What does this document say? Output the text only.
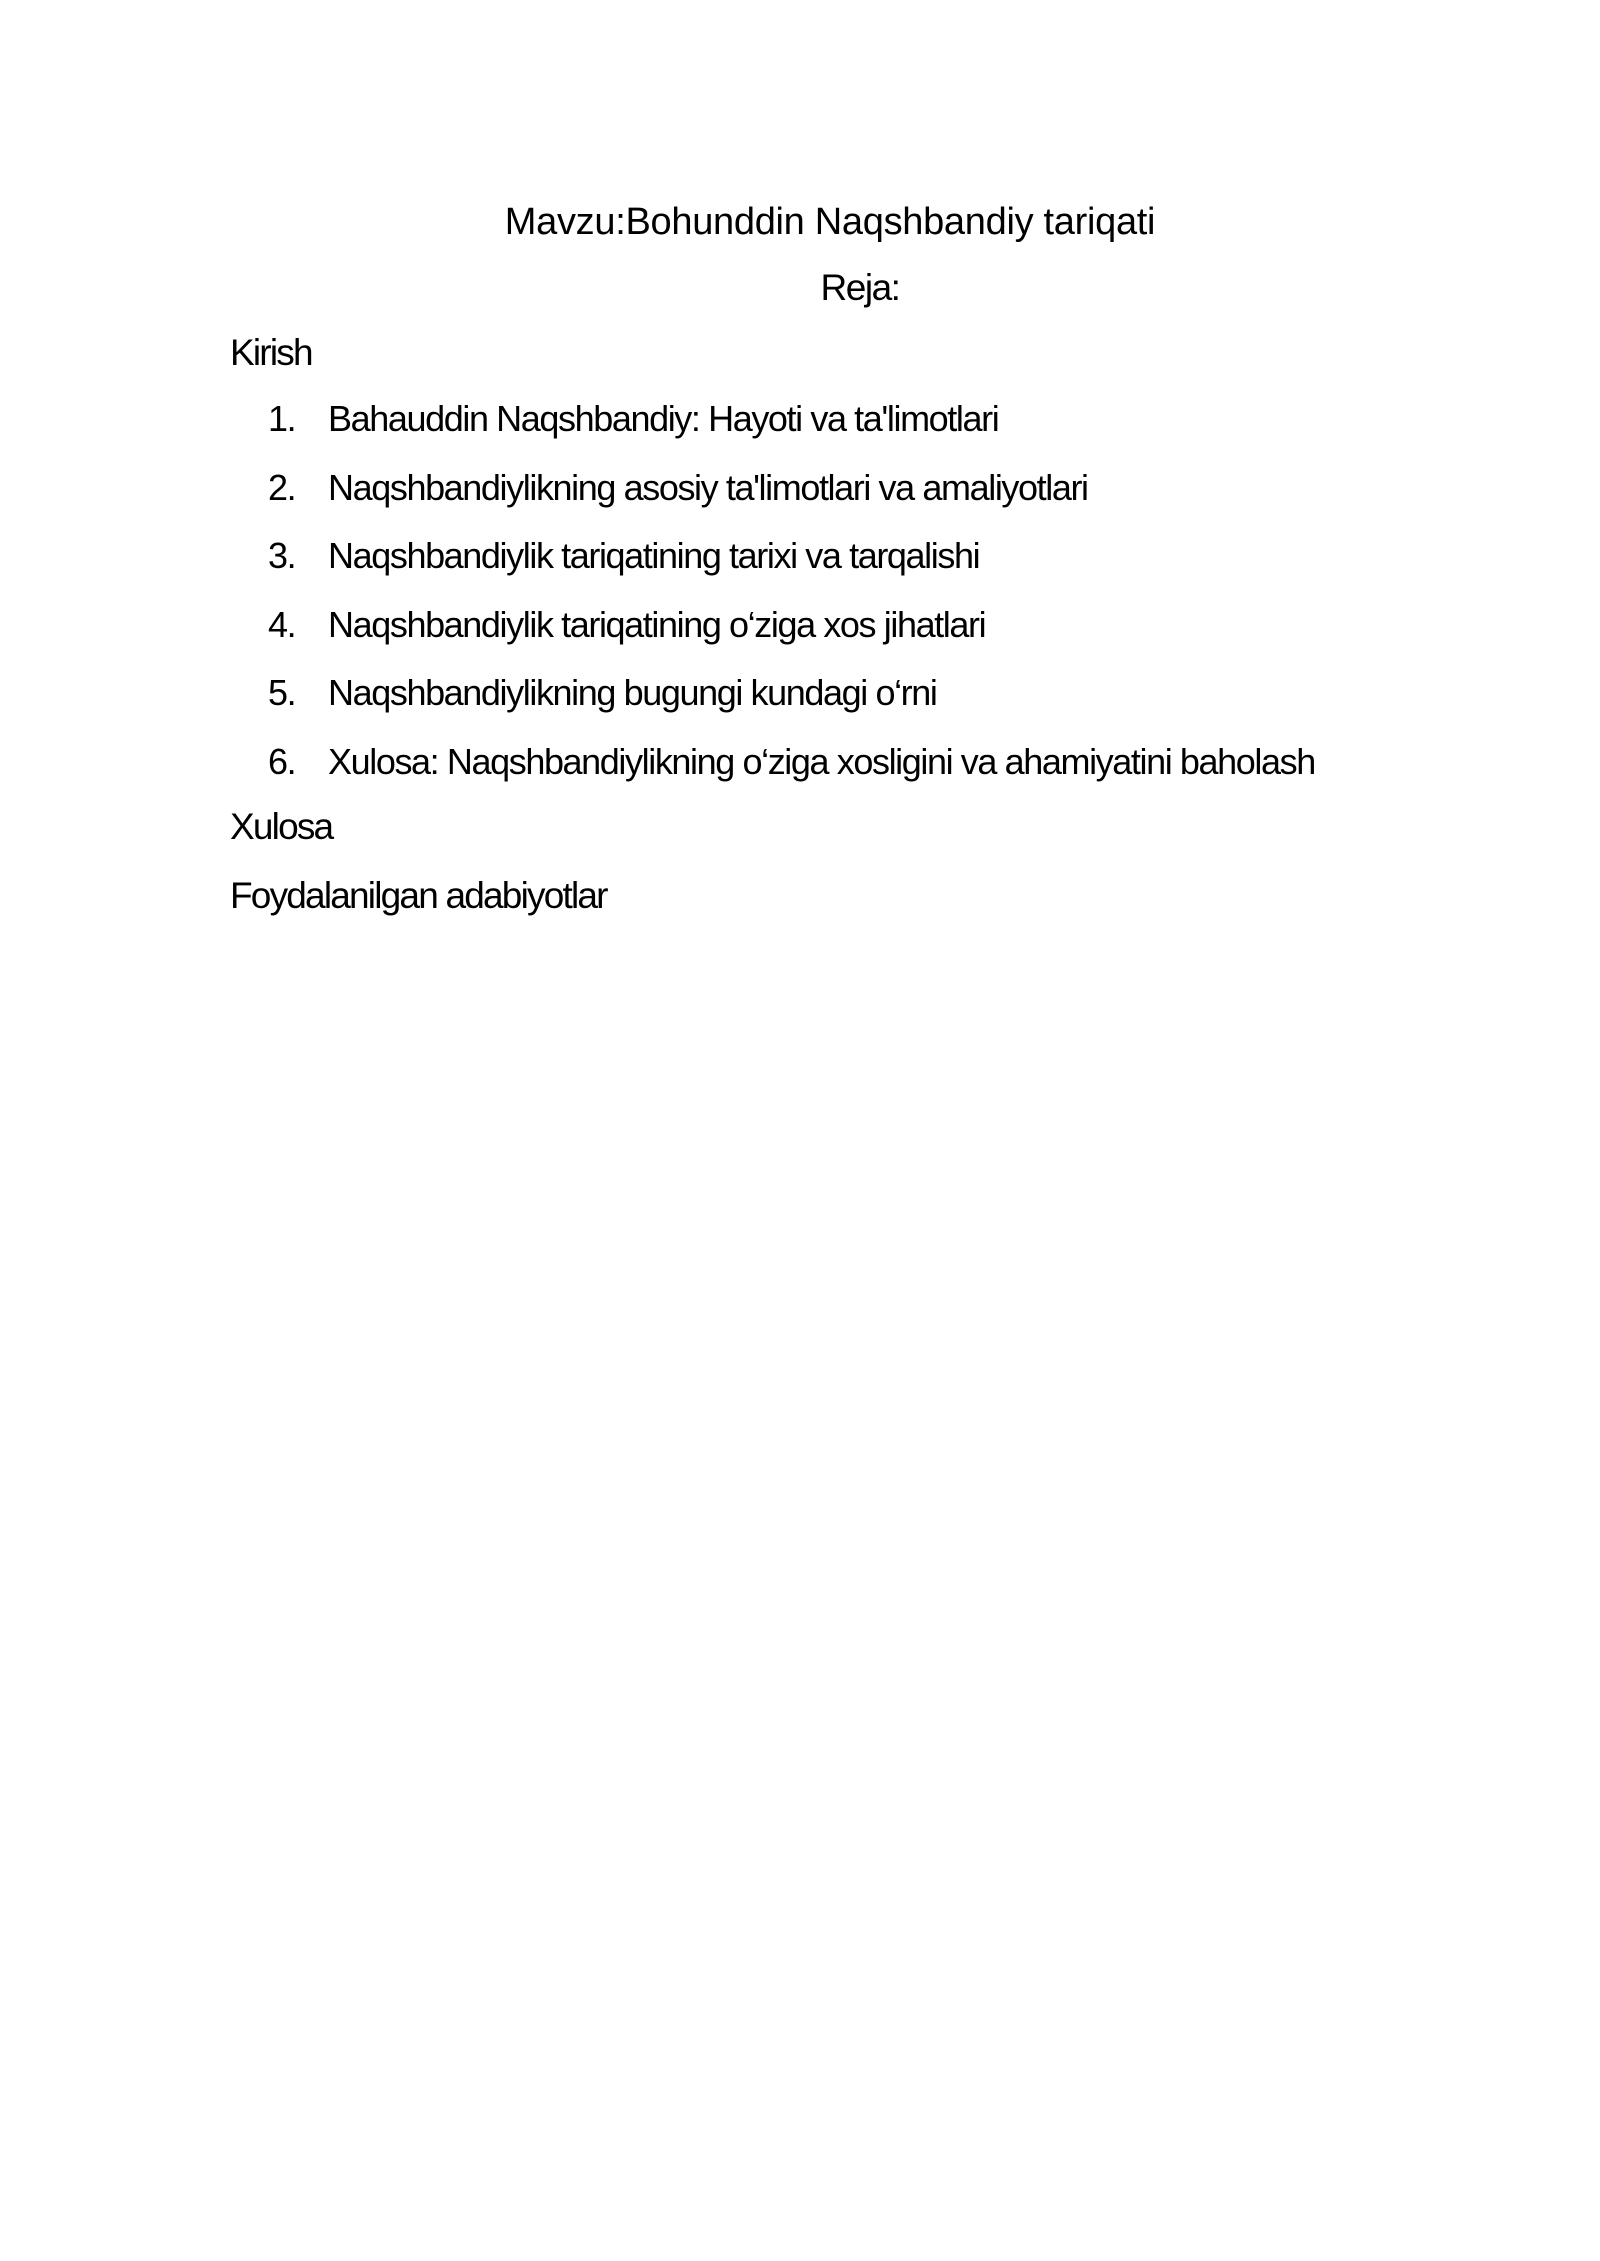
Mavzu:Bohunddin Naqshbandiy tariqati
Reja:
Kirish
1. Bahauddin Naqshbandiy: Hayoti va ta'limotlari
2. Naqshbandiylikning asosiy ta'limotlari va amaliyotlari
3. Naqshbandiylik tariqatining tarixi va tarqalishi
4. Naqshbandiylik tariqatining o‘ziga xos jihatlari
5. Naqshbandiylikning bugungi kundagi o‘rni
6. Xulosa: Naqshbandiylikning o‘ziga xosligini va ahamiyatini baholash
Xulosa
Foydalanilgan adabiyotlar
